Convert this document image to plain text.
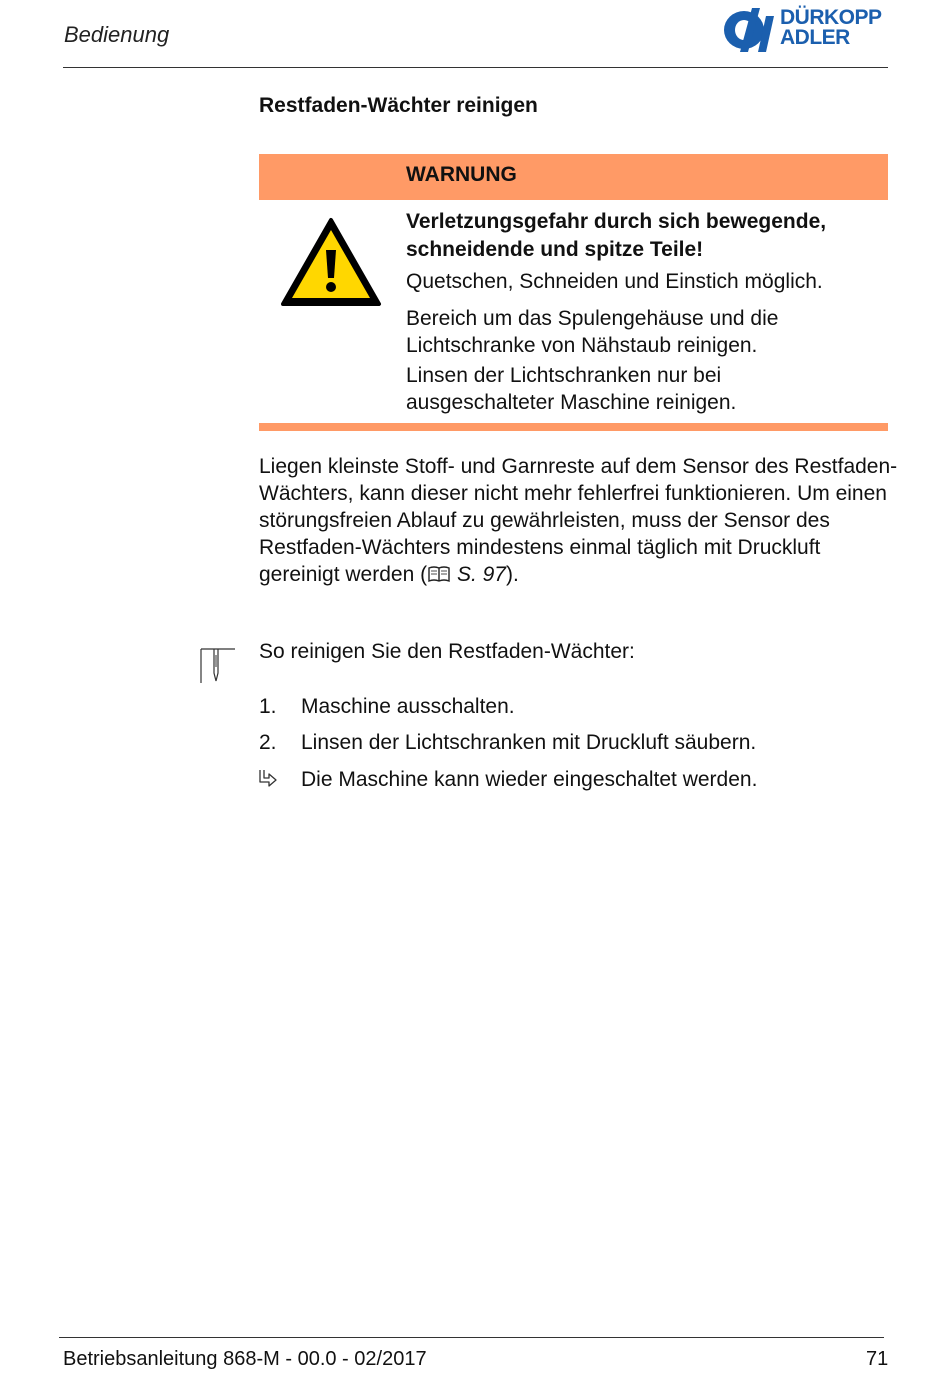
Bedienung
DÜRKOPP
ADLER
Restfaden-Wächter reinigen
WARNUNG
Verletzungsgefahr durch sich bewegende, schneidende und spitze Teile!
Quetschen, Schneiden und Einstich möglich.
Bereich um das Spulengehäuse und die
Lichtschranke von Nähstaub reinigen.
Linsen der Lichtschranken nur bei
ausgeschalteter Maschine reinigen.
Liegen kleinste Stoff- und Garnreste auf dem Sensor des Restfaden-Wächters, kann dieser nicht mehr fehlerfrei funktionieren. Um einen störungsfreien Ablauf zu gewährleisten, muss der Sensor des Restfaden-Wächters mindestens einmal täglich mit Druckluft gereinigt werden ( S. 97).
So reinigen Sie den Restfaden-Wächter:
1. Maschine ausschalten.
2. Linsen der Lichtschranken mit Druckluft säubern.
Die Maschine kann wieder eingeschaltet werden.
Betriebsanleitung 868-M - 00.0 - 02/2017	71
